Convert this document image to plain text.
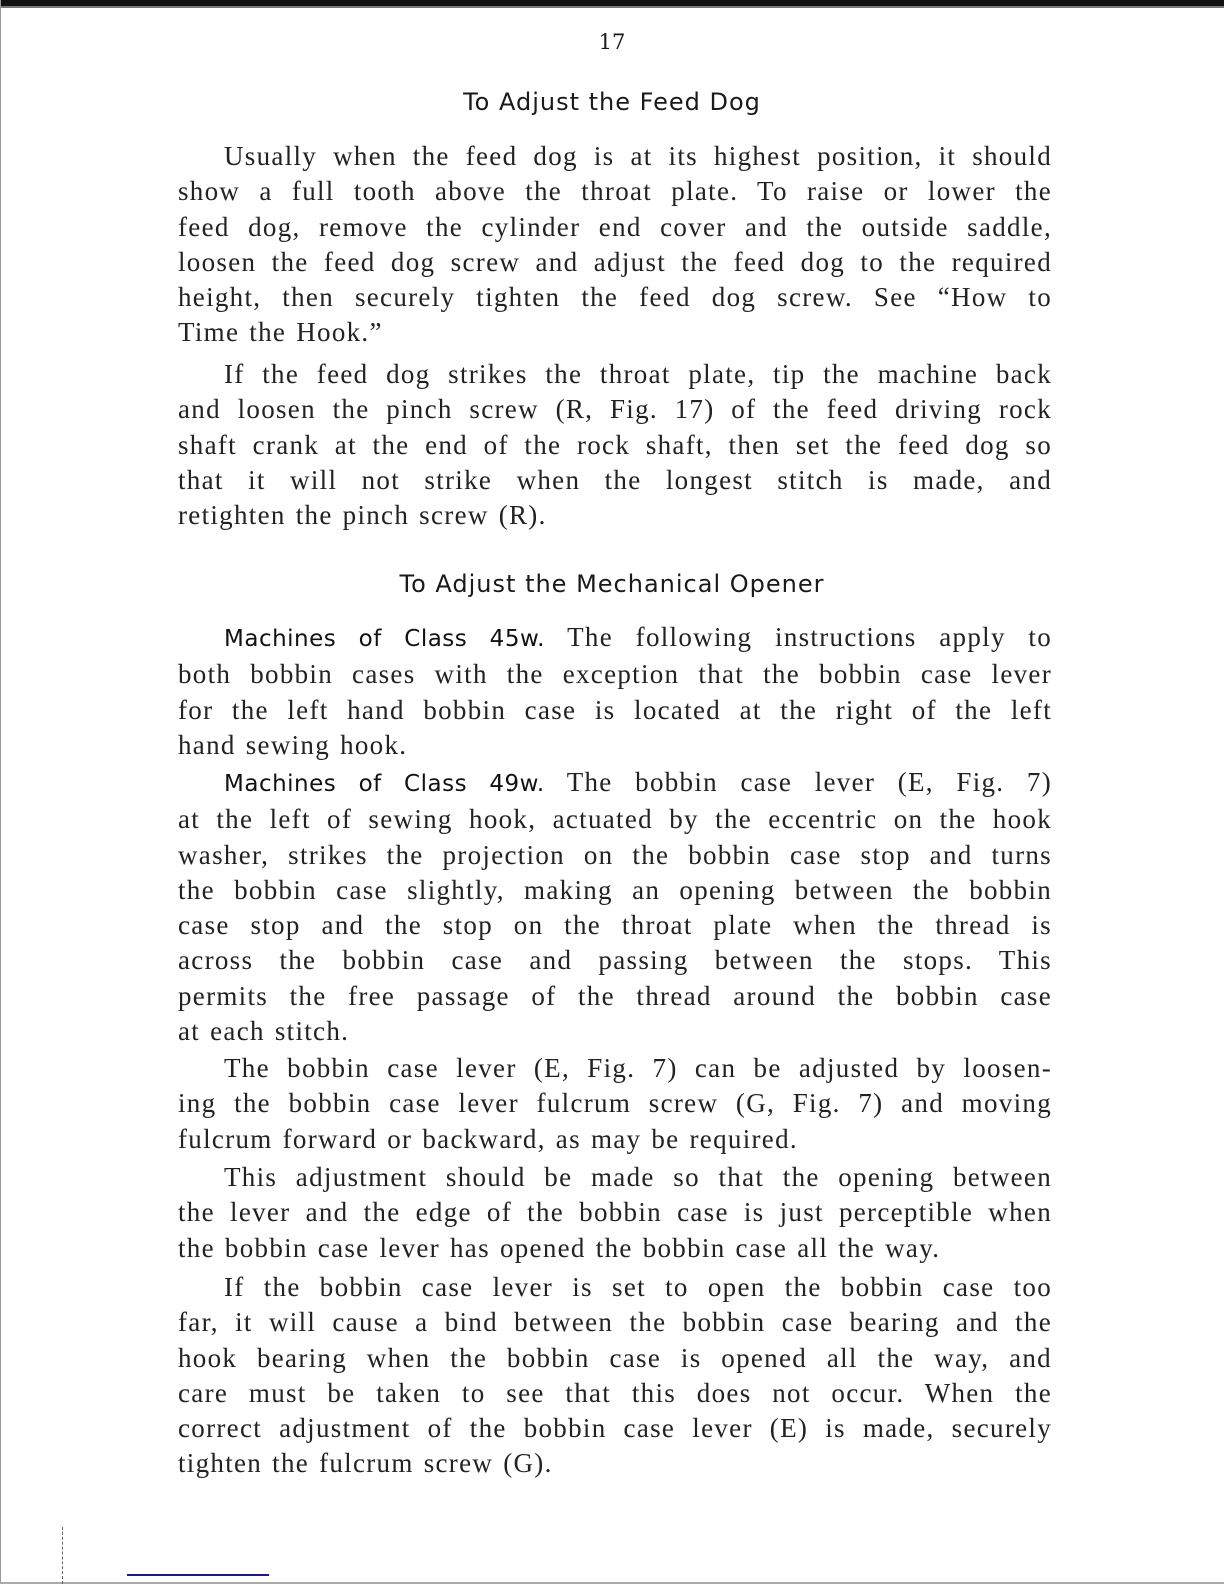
17
To Adjust the Feed Dog
To Adjust the Mechanical Opener
Usually when the feed dog is at its highest position, it should
show a full tooth above the throat plate. To raise or lower the
feed dog, remove the cylinder end cover and the outside saddle,
loosen the feed dog screw and adjust the feed dog to the required
height, then securely tighten the feed dog screw. See “How to
Time the Hook.”
If the feed dog strikes the throat plate, tip the machine back
and loosen the pinch screw (R, Fig. 17) of the feed driving rock
shaft crank at the end of the rock shaft, then set the feed dog so
that it will not strike when the longest stitch is made, and
retighten the pinch screw (R).
Machines of Class 45w. The following instructions apply to
both bobbin cases with the exception that the bobbin case lever
for the left hand bobbin case is located at the right of the left
hand sewing hook.
Machines of Class 49w. The bobbin case lever (E, Fig. 7)
at the left of sewing hook, actuated by the eccentric on the hook
washer, strikes the projection on the bobbin case stop and turns
the bobbin case slightly, making an opening between the bobbin
case stop and the stop on the throat plate when the thread is
across the bobbin case and passing between the stops. This
permits the free passage of the thread around the bobbin case
at each stitch.
The bobbin case lever (E, Fig. 7) can be adjusted by loosen-
ing the bobbin case lever fulcrum screw (G, Fig. 7) and moving
fulcrum forward or backward, as may be required.
This adjustment should be made so that the opening between
the lever and the edge of the bobbin case is just perceptible when
the bobbin case lever has opened the bobbin case all the way.
If the bobbin case lever is set to open the bobbin case too
far, it will cause a bind between the bobbin case bearing and the
hook bearing when the bobbin case is opened all the way, and
care must be taken to see that this does not occur. When the
correct adjustment of the bobbin case lever (E) is made, securely
tighten the fulcrum screw (G).
